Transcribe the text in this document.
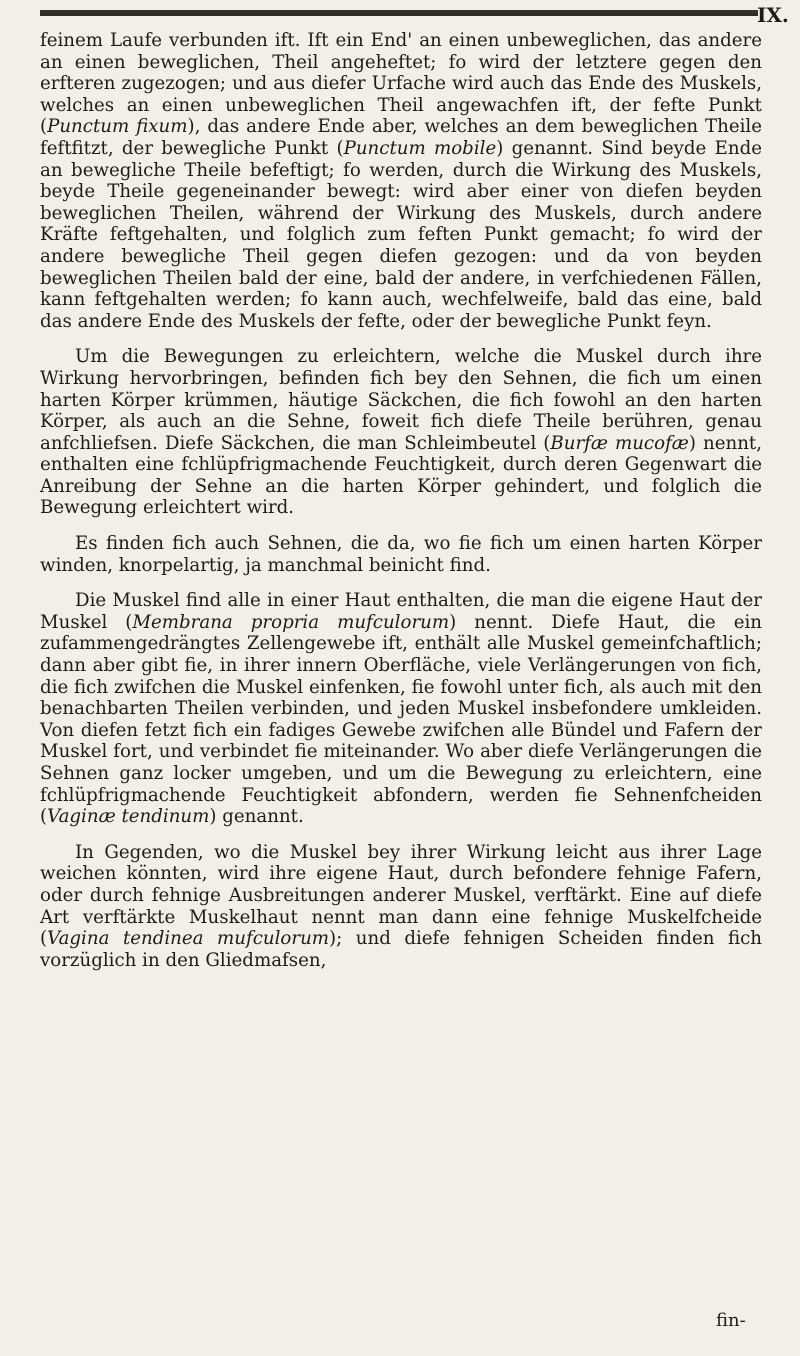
IX.

feinem Laufe verbunden ift. Ift ein End' an einen unbeweglichen, das andere an einen beweglichen, Theil angeheftet; fo wird der letztere gegen den erfteren zugezogen; und aus diefer Urfache wird auch das Ende des Muskels, welches an einen unbeweglichen Theil angewachfen ift, der fefte Punkt (Punctum fixum), das andere Ende aber, welches an dem beweglichen Theile feftfitzt, der bewegliche Punkt (Punctum mobile) genannt. Sind beyde Ende an bewegliche Theile befeftigt; fo werden, durch die Wirkung des Muskels, beyde Theile gegeneinander bewegt: wird aber einer von diefen beyden beweglichen Theilen, während der Wirkung des Muskels, durch andere Kräfte feftgehalten, und folglich zum feften Punkt gemacht; fo wird der andere bewegliche Theil gegen diefen gezogen: und da von beyden beweglichen Theilen bald der eine, bald der andere, in verfchiedenen Fällen, kann feftgehalten werden; fo kann auch, wechfelweife, bald das eine, bald das andere Ende des Muskels der fefte, oder der bewegliche Punkt feyn.

Um die Bewegungen zu erleichtern, welche die Muskel durch ihre Wirkung hervorbringen, befinden fich bey den Sehnen, die fich um einen harten Körper krümmen, häutige Säckchen, die fich fowohl an den harten Körper, als auch an die Sehne, foweit fich diefe Theile berühren, genau anfchliefsen. Diefe Säckchen, die man Schleimbeutel (Burfæ mucofæ) nennt, enthalten eine fchlüpfrigmachende Feuchtigkeit, durch deren Gegenwart die Anreibung der Sehne an die harten Körper gehindert, und folglich die Bewegung erleichtert wird.

Es finden fich auch Sehnen, die da, wo fie fich um einen harten Körper winden, knorpelartig, ja manchmal beinicht find.

Die Muskel find alle in einer Haut enthalten, die man die eigene Haut der Muskel (Membrana propria mufculorum) nennt. Diefe Haut, die ein zufammengedrängtes Zellengewebe ift, enthält alle Muskel gemeinfchaftlich; dann aber gibt fie, in ihrer innern Oberfläche, viele Verlängerungen von fich, die fich zwifchen die Muskel einfenken, fie fowohl unter fich, als auch mit den benachbarten Theilen verbinden, und jeden Muskel insbefondere umkleiden. Von diefen fetzt fich ein fadiges Gewebe zwifchen alle Bündel und Fafern der Muskel fort, und verbindet fie miteinander. Wo aber diefe Verlängerungen die Sehnen ganz locker umgeben, und um die Bewegung zu erleichtern, eine fchlüpfrigmachende Feuchtigkeit abfondern, werden fie Sehnenfcheiden (Vaginæ tendinum) genannt.

In Gegenden, wo die Muskel bey ihrer Wirkung leicht aus ihrer Lage weichen könnten, wird ihre eigene Haut, durch befondere fehnige Fafern, oder durch fehnige Ausbreitungen anderer Muskel, verftärkt. Eine auf diefe Art verftärkte Muskelhaut nennt man dann eine fehnige Muskelfcheide (Vagina tendinea mufculorum); und diefe fehnigen Scheiden finden fich vorzüglich in den Gliedmafsen,

fin-
